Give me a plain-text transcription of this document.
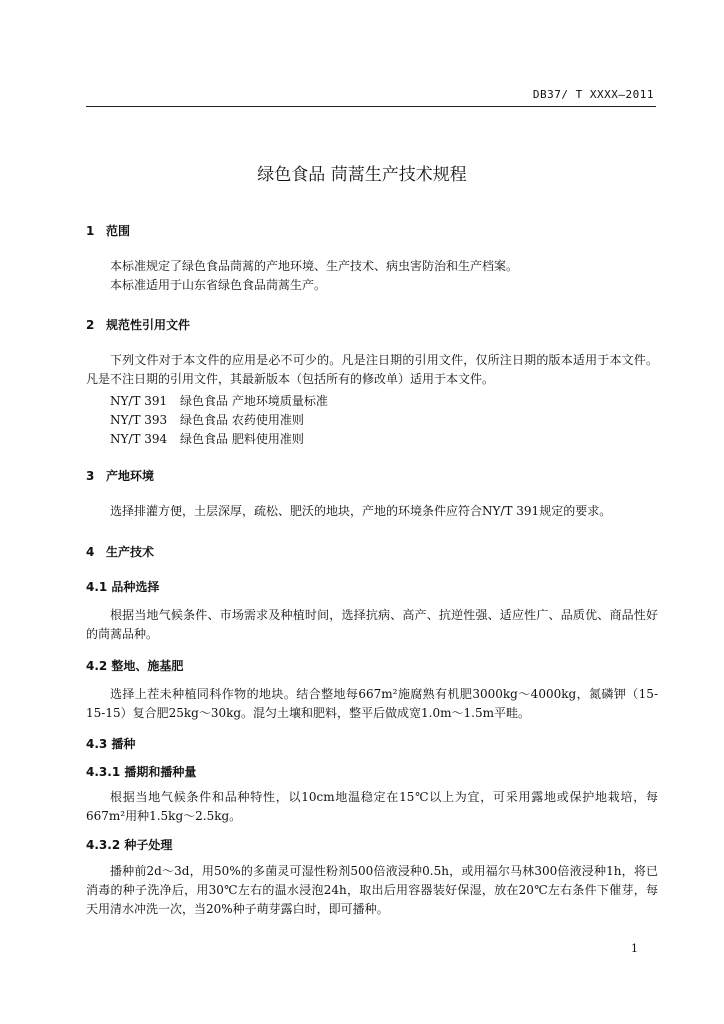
DB37/ T XXXX—2011
绿色食品 茼蒿生产技术规程
1 范围
本标准规定了绿色食品茼蒿的产地环境、生产技术、病虫害防治和生产档案。
本标准适用于山东省绿色食品茼蒿生产。
2 规范性引用文件
下列文件对于本文件的应用是必不可少的。凡是注日期的引用文件，仅所注日期的版本适用于本文件。凡是不注日期的引用文件，其最新版本（包括所有的修改单）适用于本文件。
NY/T 391 绿色食品 产地环境质量标准
NY/T 393 绿色食品 农药使用准则
NY/T 394 绿色食品 肥料使用准则
3 产地环境
选择排灌方便，土层深厚，疏松、肥沃的地块，产地的环境条件应符合NY/T 391规定的要求。
4 生产技术
4.1 品种选择
根据当地气候条件、市场需求及种植时间，选择抗病、高产、抗逆性强、适应性广、品质优、商品性好的茼蒿品种。
4.2 整地、施基肥
选择上茬未种植同科作物的地块。结合整地每667m²施腐熟有机肥3000kg～4000kg，氮磷钾（15-15-15）复合肥25kg～30kg。混匀土壤和肥料，整平后做成宽1.0m～1.5m平畦。
4.3 播种
4.3.1 播期和播种量
根据当地气候条件和品种特性，以10cm地温稳定在15℃以上为宜，可采用露地或保护地栽培，每667m²用种1.5kg～2.5kg。
4.3.2 种子处理
播种前2d～3d，用50%的多菌灵可湿性粉剂500倍液浸种0.5h，或用福尔马林300倍液浸种1h，将已消毒的种子洗净后，用30℃左右的温水浸泡24h，取出后用容器装好保湿，放在20℃左右条件下催芽，每天用清水冲洗一次，当20%种子萌芽露白时，即可播种。
1
